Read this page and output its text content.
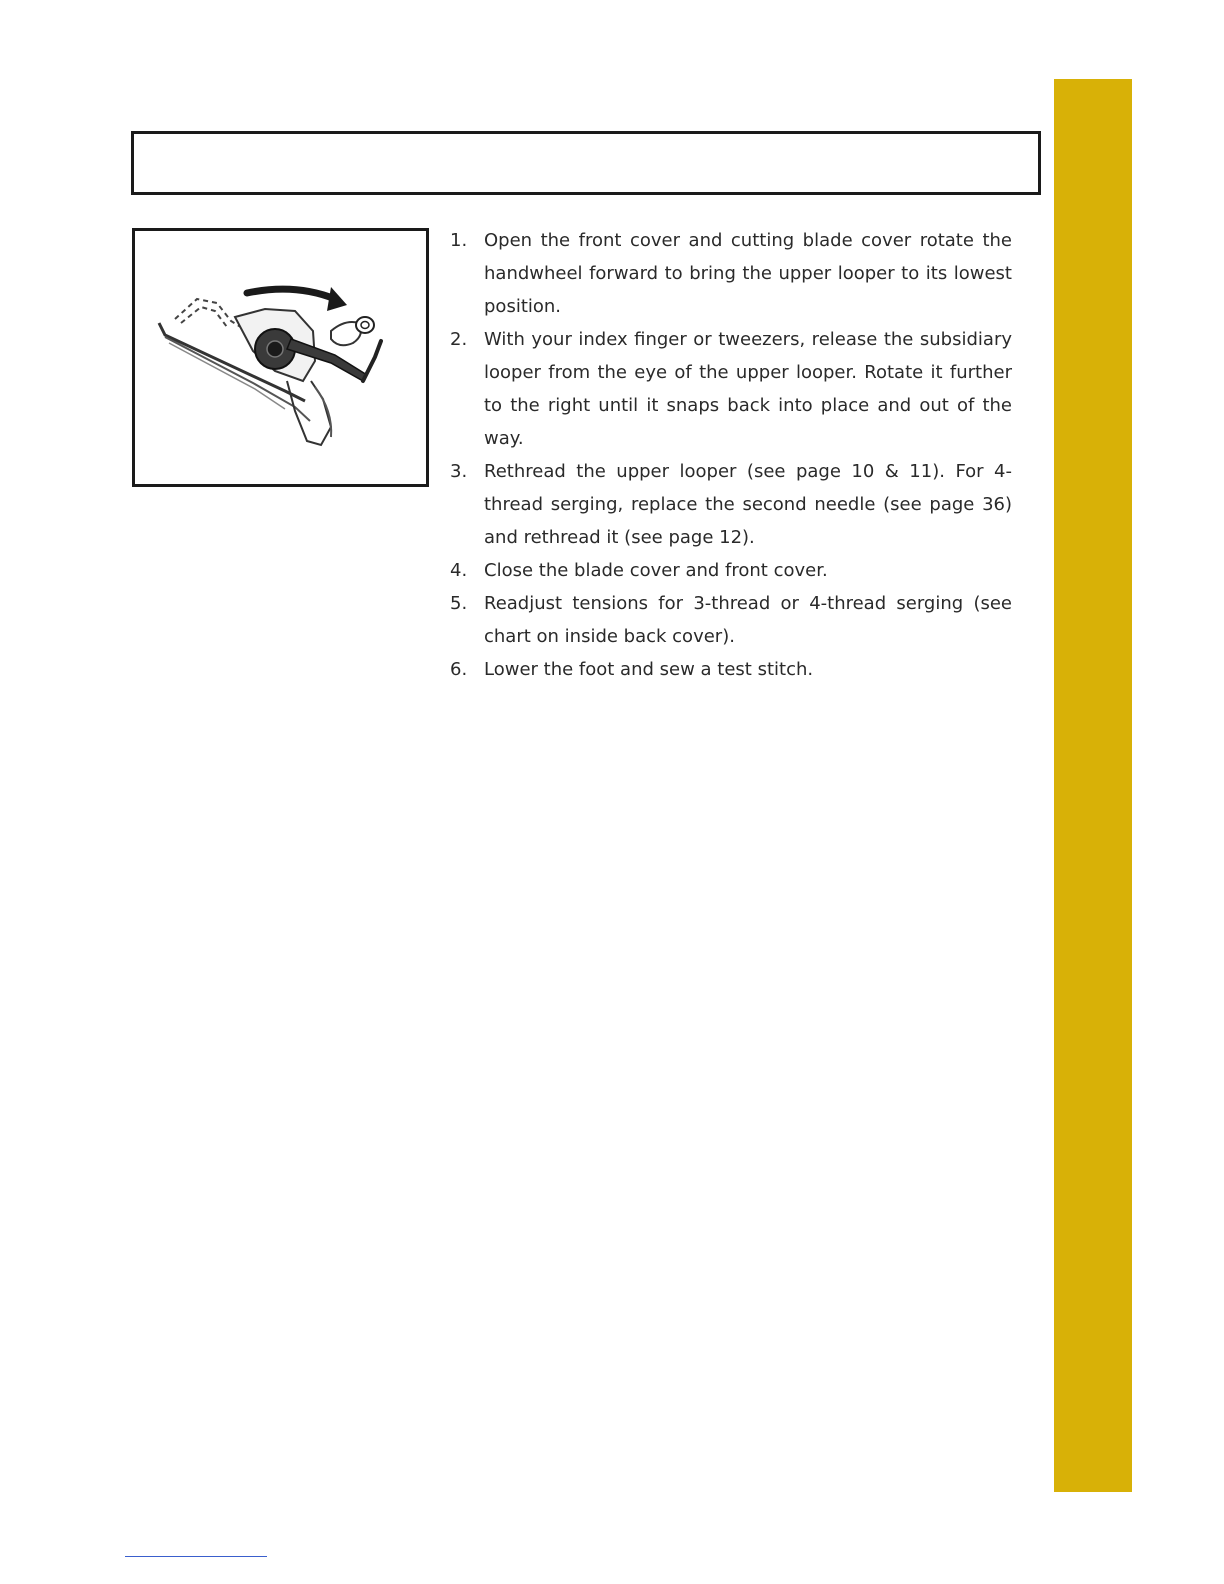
1. Open the front cover and cutting blade cover rotate the handwheel forward to bring the upper looper to its lowest position.
2. With your index finger or tweezers, release the subsidiary looper from the eye of the upper looper. Rotate it further to the right until it snaps back into place and out of the way.
3. Rethread the upper looper (see page 10 & 11). For 4-thread serging, replace the second needle (see page 36) and rethread it (see page 12).
4. Close the blade cover and front cover.
5. Readjust tensions for 3-thread or 4-thread serging (see chart on inside back cover).
6. Lower the foot and sew a test stitch.
